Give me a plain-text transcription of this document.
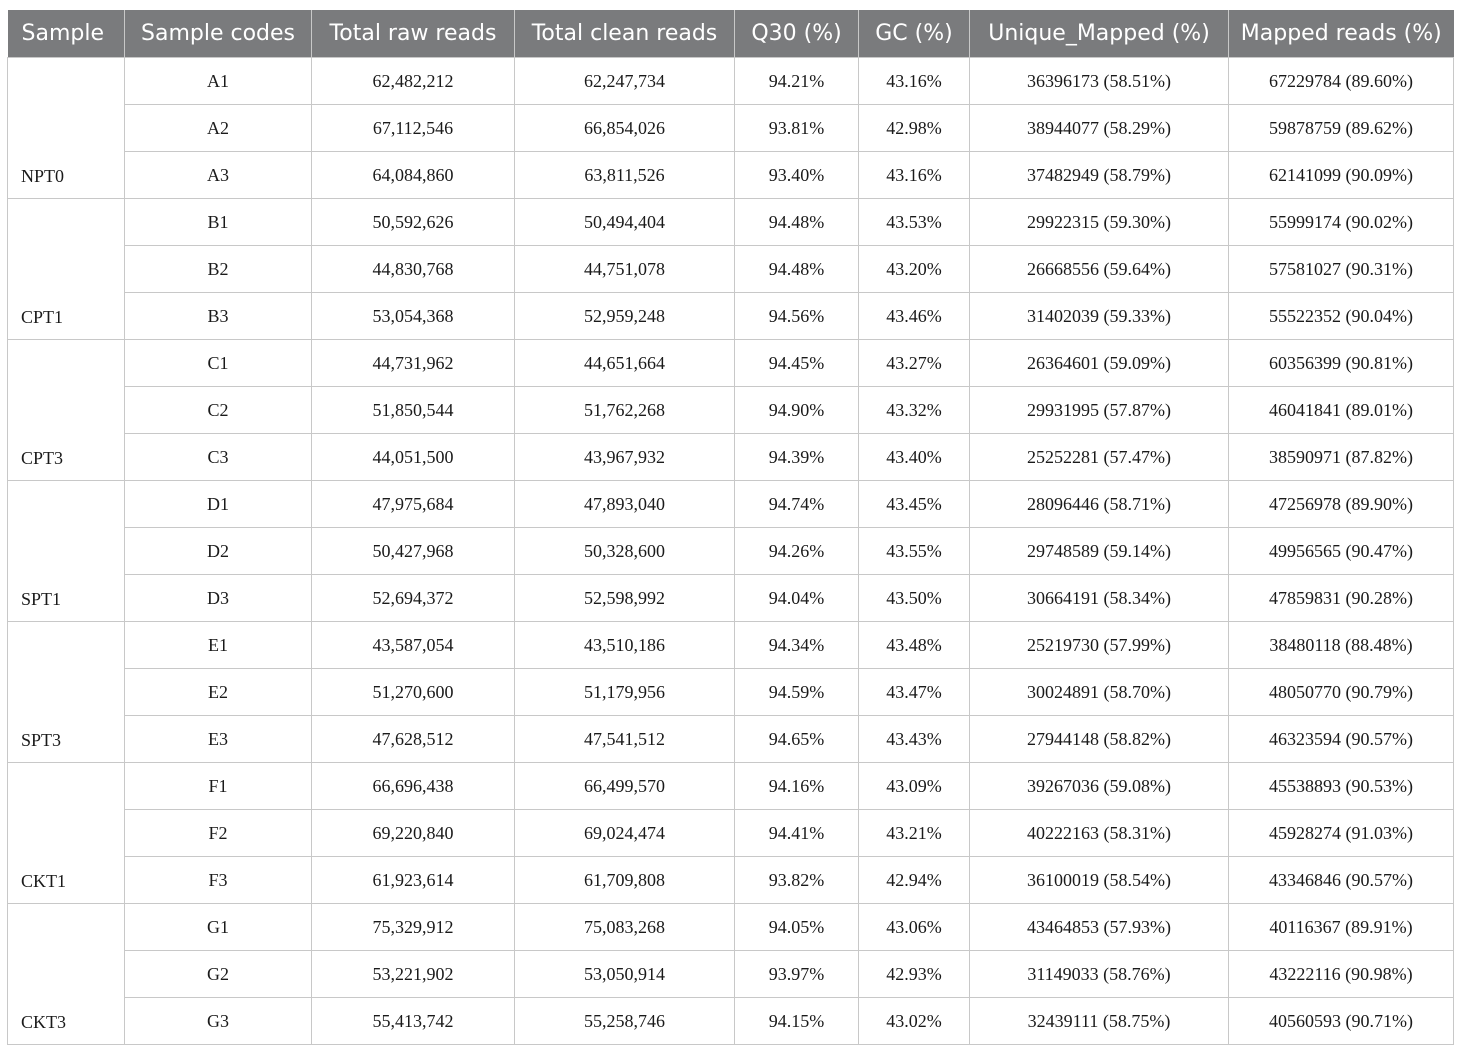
Sample	Sample codes	Total raw reads	Total clean reads	Q30 (%)	GC (%)	Unique_Mapped (%)	Mapped reads (%)
NPT0	A1	62,482,212	62,247,734	94.21%	43.16%	36396173 (58.51%)	67229784 (89.60%)
	A2	67,112,546	66,854,026	93.81%	42.98%	38944077 (58.29%)	59878759 (89.62%)
	A3	64,084,860	63,811,526	93.40%	43.16%	37482949 (58.79%)	62141099 (90.09%)
CPT1	B1	50,592,626	50,494,404	94.48%	43.53%	29922315 (59.30%)	55999174 (90.02%)
	B2	44,830,768	44,751,078	94.48%	43.20%	26668556 (59.64%)	57581027 (90.31%)
	B3	53,054,368	52,959,248	94.56%	43.46%	31402039 (59.33%)	55522352 (90.04%)
CPT3	C1	44,731,962	44,651,664	94.45%	43.27%	26364601 (59.09%)	60356399 (90.81%)
	C2	51,850,544	51,762,268	94.90%	43.32%	29931995 (57.87%)	46041841 (89.01%)
	C3	44,051,500	43,967,932	94.39%	43.40%	25252281 (57.47%)	38590971 (87.82%)
SPT1	D1	47,975,684	47,893,040	94.74%	43.45%	28096446 (58.71%)	47256978 (89.90%)
	D2	50,427,968	50,328,600	94.26%	43.55%	29748589 (59.14%)	49956565 (90.47%)
	D3	52,694,372	52,598,992	94.04%	43.50%	30664191 (58.34%)	47859831 (90.28%)
SPT3	E1	43,587,054	43,510,186	94.34%	43.48%	25219730 (57.99%)	38480118 (88.48%)
	E2	51,270,600	51,179,956	94.59%	43.47%	30024891 (58.70%)	48050770 (90.79%)
	E3	47,628,512	47,541,512	94.65%	43.43%	27944148 (58.82%)	46323594 (90.57%)
CKT1	F1	66,696,438	66,499,570	94.16%	43.09%	39267036 (59.08%)	45538893 (90.53%)
	F2	69,220,840	69,024,474	94.41%	43.21%	40222163 (58.31%)	45928274 (91.03%)
	F3	61,923,614	61,709,808	93.82%	42.94%	36100019 (58.54%)	43346846 (90.57%)
CKT3	G1	75,329,912	75,083,268	94.05%	43.06%	43464853 (57.93%)	40116367 (89.91%)
	G2	53,221,902	53,050,914	93.97%	42.93%	31149033 (58.76%)	43222116 (90.98%)
	G3	55,413,742	55,258,746	94.15%	43.02%	32439111 (58.75%)	40560593 (90.71%)
